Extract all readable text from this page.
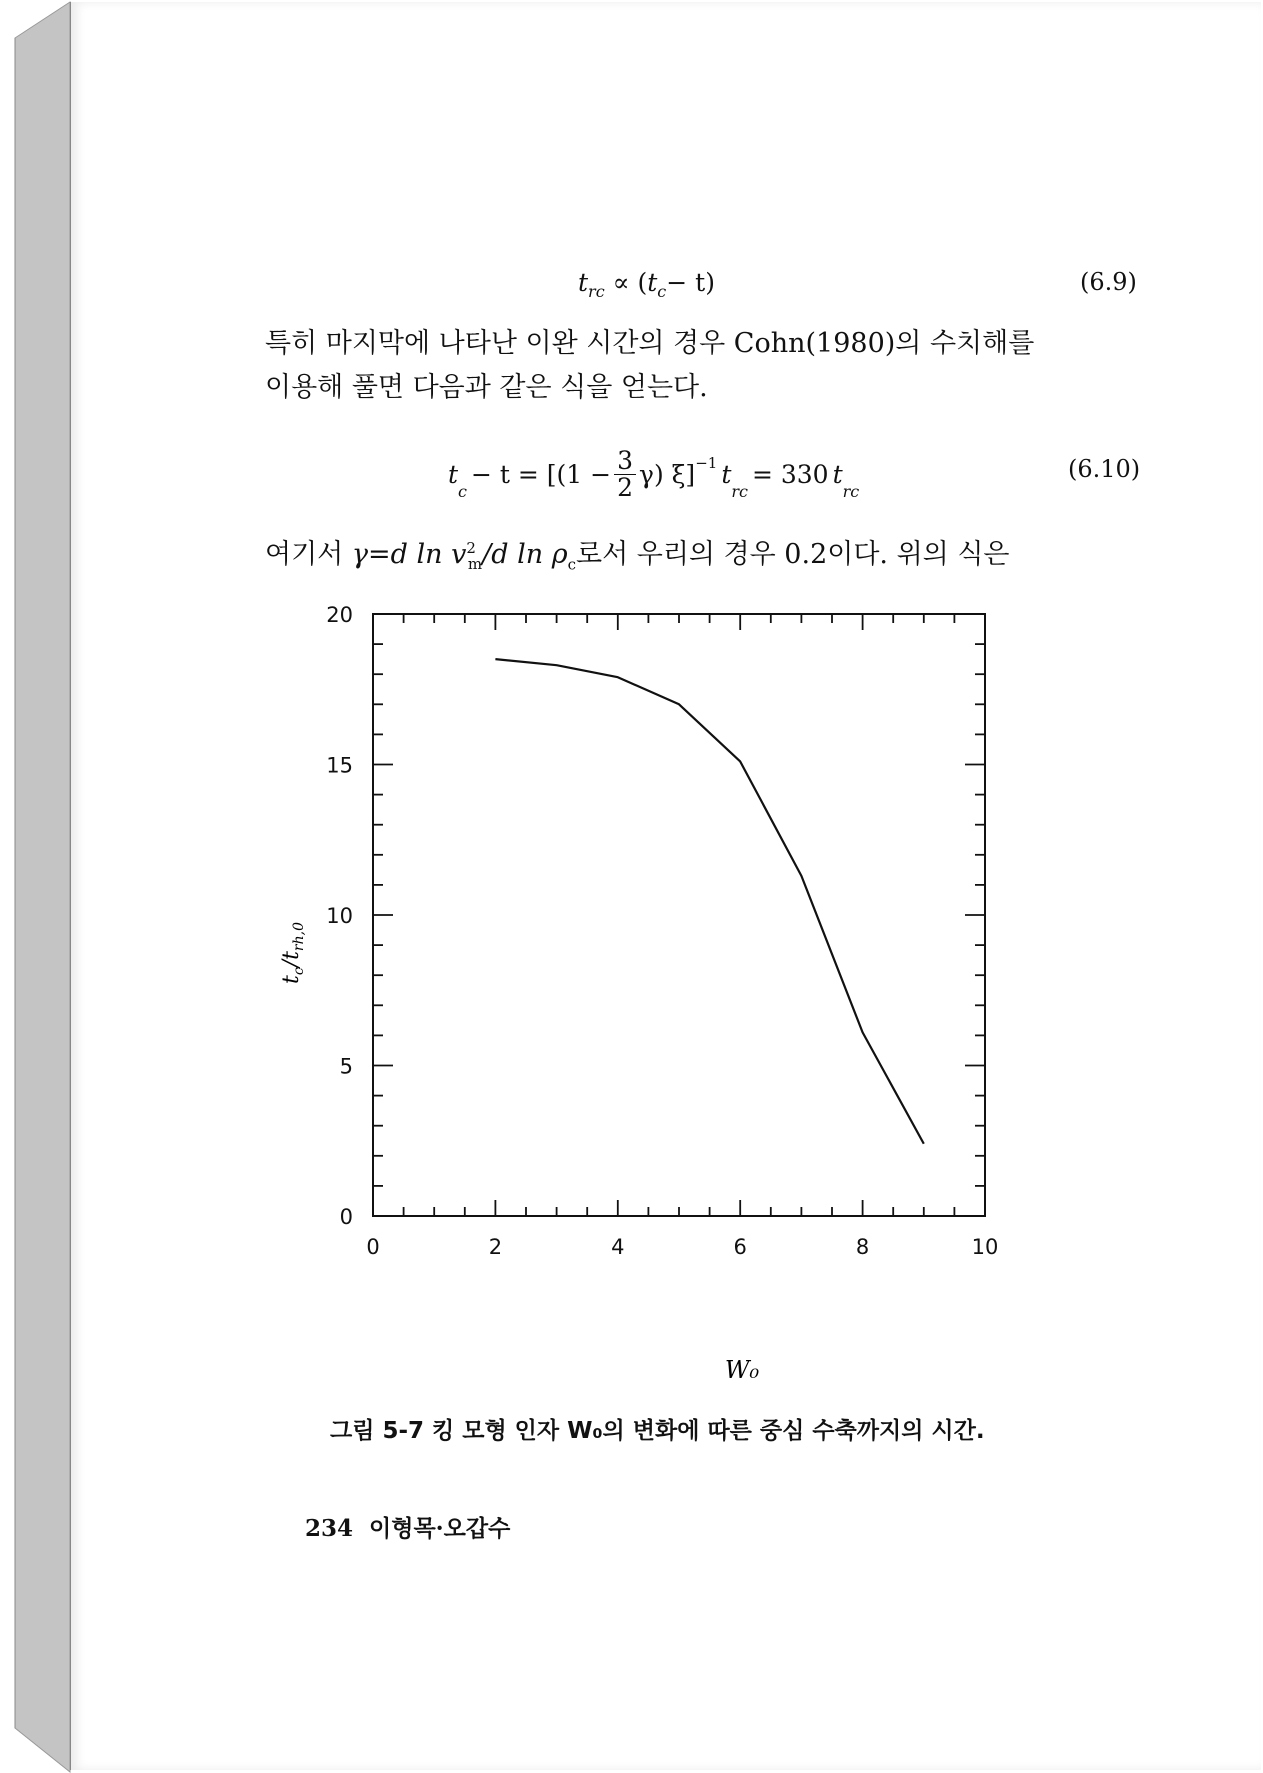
$t_{rc} \propto (t_c- t)$	(6.9)
특히 마지막에 나타난 이완 시간의 경우 Cohn(1980)의 수치해를
이용해 풀면 다음과 같은 식을 얻는다.
t
$_c$
− $t = [(1 - \frac{3}{2} \gamma)$ ξ]$^{-1}$ t
$_{rc}$
= 330 t
$_{rc}$
(6.10)
여기서 γ=d $\ln v^2_m/d$ $\ln \rho_c$로서 우리의 경우 0.2이다. 위의 식은
0	2	4	6	8	10
0
5
10
15
20
W₀
$t_c/t_{rh,0}$
그림 5-7 킹 모형 인자 W₀의 변화에 따른 중심 수축까지의 시간.
234 이형목·오갑수
